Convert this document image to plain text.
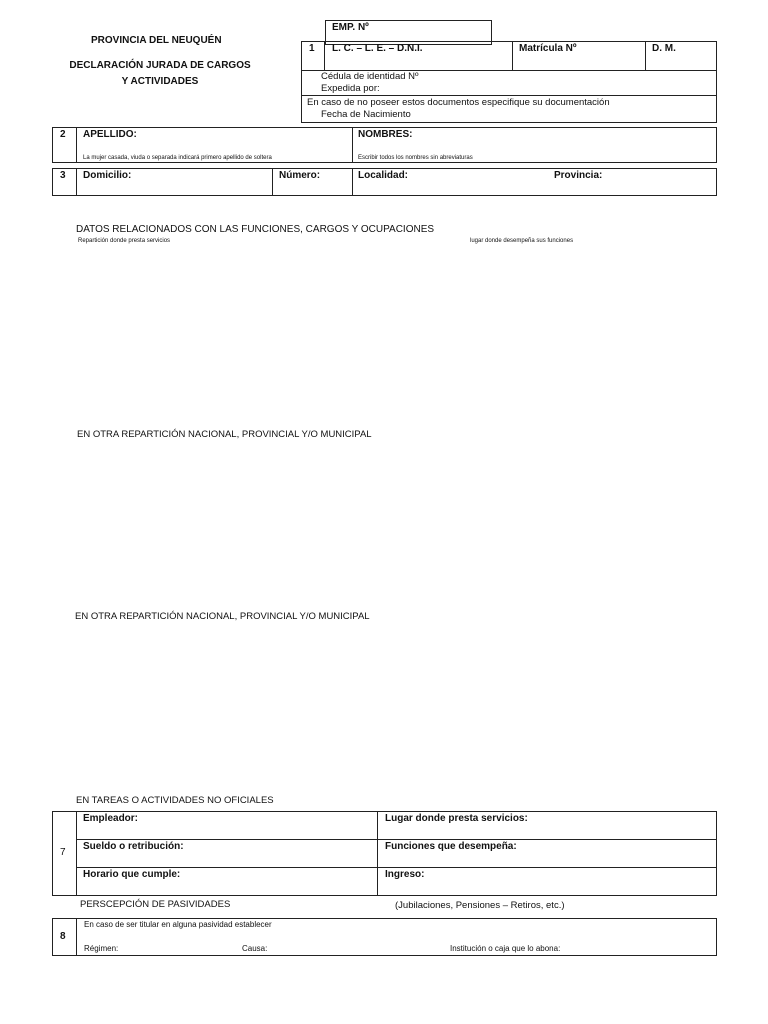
PROVINCIA DEL NEUQUÉN
DECLARACIÓN JURADA DE CARGOS
Y ACTIVIDADES
EMP. Nº
1 L. C. – L. E. – D.N.I.	Matrícula Nº	D. M.
Cédula de identidad Nº
Expedida por:
En caso de no poseer estos documentos especifique su documentación
Fecha de Nacimiento
2 APELLIDO:
La mujer casada, viuda o separada indicará primero apellido de soltera
NOMBRES:
Escribir todos los nombres sin abreviaturas
3 Domicilio:	Número:	Localidad:	Provincia:
DATOS RELACIONADOS CON LAS FUNCIONES, CARGOS Y OCUPACIONES
Repartición donde presta servicios	lugar donde desempeña sus funciones
EN OTRA REPARTICIÓN NACIONAL, PROVINCIAL Y/O MUNICIPAL
EN OTRA REPARTICIÓN NACIONAL, PROVINCIAL Y/O MUNICIPAL
EN TAREAS O ACTIVIDADES NO OFICIALES
7
Empleador:	Lugar donde presta servicios:
Sueldo o retribución:	Funciones que desempeña:
Horario que cumple:	Ingreso:
PERSCEPCIÓN DE PASIVIDADES	(Jubilaciones, Pensiones – Retiros, etc.)
8
En caso de ser titular en alguna pasividad establecer
Régimen:	Causa:	Institución o caja que lo abona:
